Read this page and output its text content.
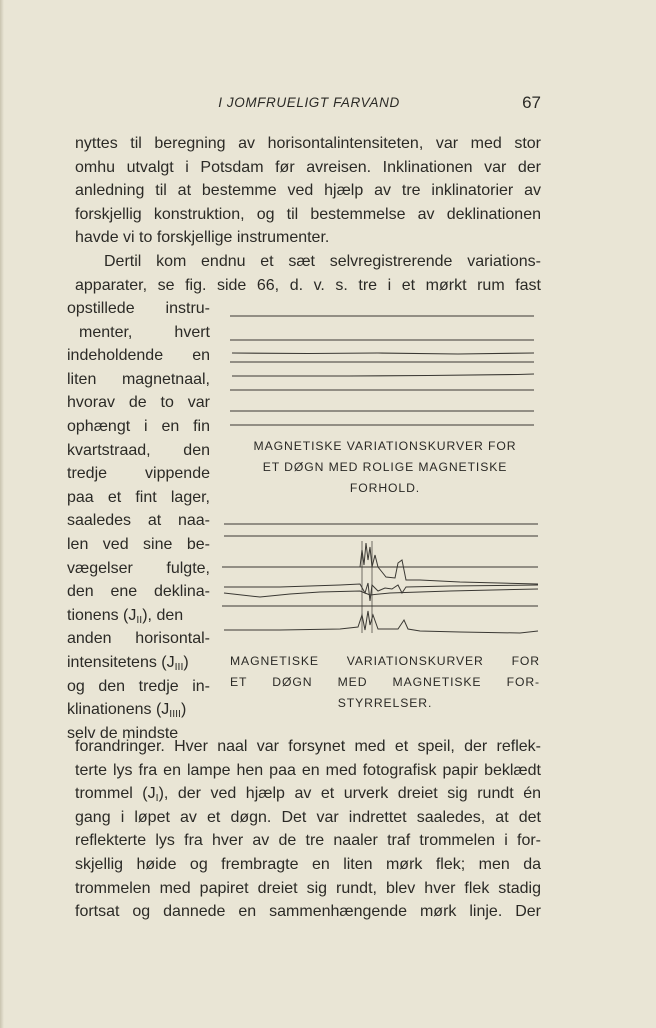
I JOMFRUELIGT FARVAND	67
nyttes til beregning av horisontalintensiteten, var med stor
omhu utvalgt i Potsdam før avreisen. Inklinationen var der
anledning til at bestemme ved hjælp av tre inklinatorier av
forskjellig konstruktion, og til bestemmelse av deklinationen
havde vi to forskjellige instrumenter.
Dertil kom endnu et sæt selvregistrerende variations-
apparater, se fig. side 66, d. v. s. tre i et mørkt rum fast
opstillede instru-
menter, hvert
indeholdende en
liten magnetnaal,
hvorav de to var
ophængt i en fin
kvartstraad, den
tredje vippende
paa et fint lager,
saaledes at naa-
len ved sine be-
vægelser fulgte,
den ene deklina-
tionens $(J_{II})$, den
anden horisontal-
intensitetens $(J_{III})$
og den tredje in-
klinationens $(J_{IIII})$
selv de mindste
MAGNETISKE VARIATIONSKURVER FOR
ET DØGN MED ROLIGE MAGNETISKE
FORHOLD.
MAGNETISKE VARIATIONSKURVER FOR
ET DØGN MED MAGNETISKE FOR-
STYRRELSER.
forandringer. Hver naal var forsynet med et speil, der reflek-
terte lys fra en lampe hen paa en med fotografisk papir beklædt
trommel $(J_I)$, der ved hjælp av et urverk dreiet sig rundt én
gang i løpet av et døgn. Det var indrettet saaledes, at det
reflekterte lys fra hver av de tre naaler traf trommelen i for-
skjellig høide og frembragte en liten mørk flek; men da
trommelen med papiret dreiet sig rundt, blev hver flek stadig
fortsat og dannede en sammenhængende mørk linje. Der
